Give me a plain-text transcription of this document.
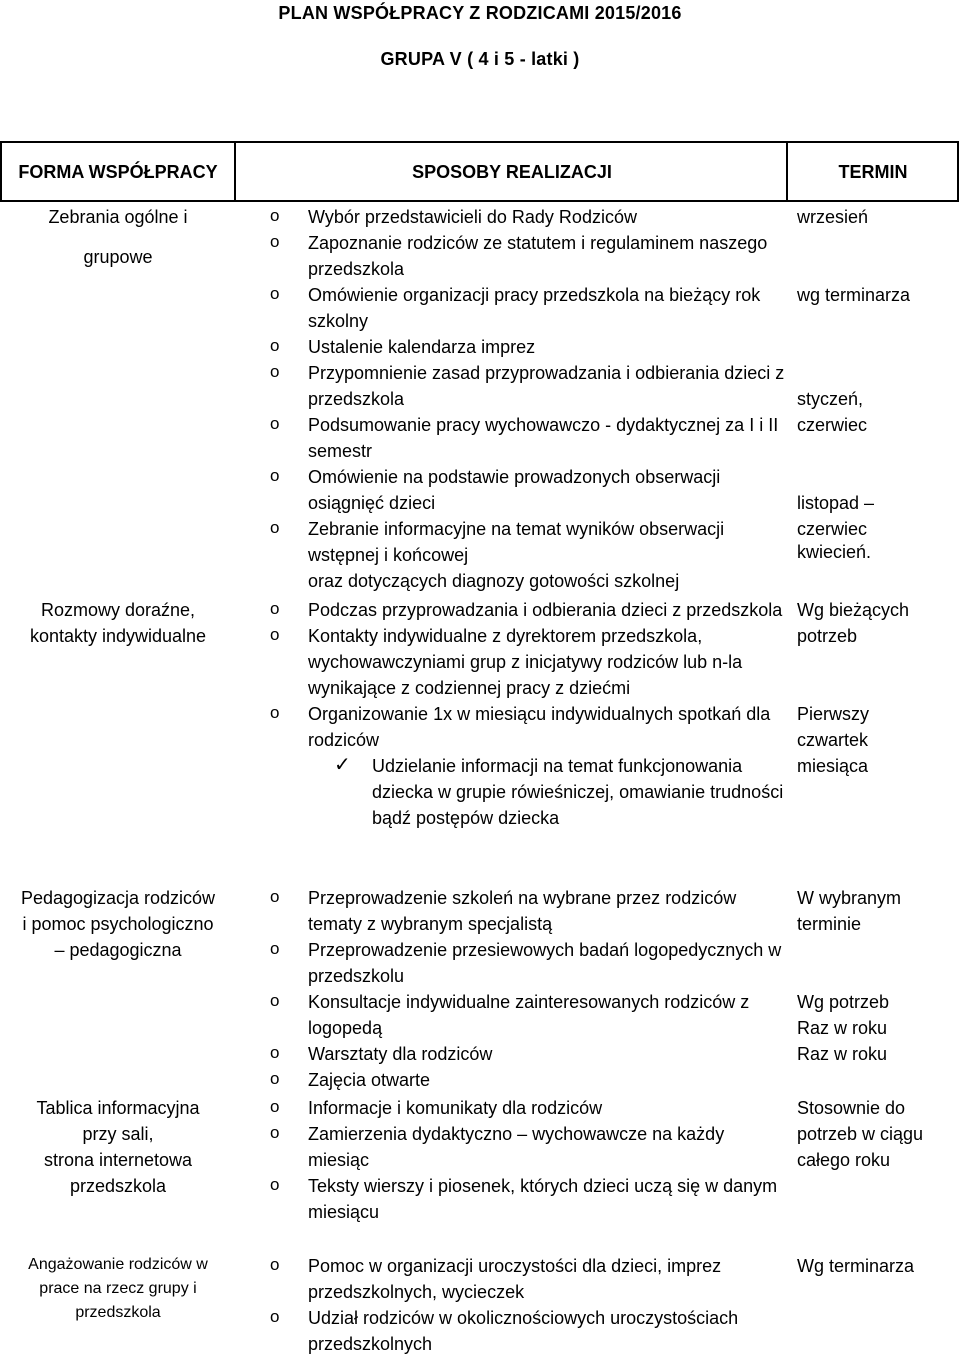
PLAN WSPÓŁPRACY Z RODZICAMI 2015/2016
GRUPA V ( 4 i 5 - latki )
FORMA WSPÓŁPRACY	SPOSOBY REALIZACJI	TERMIN
Zebrania ogólne i
grupowe
o Wybór przedstawicieli do Rady Rodziców
o Zapoznanie rodziców ze statutem i regulaminem naszego przedszkola
o Omówienie organizacji pracy przedszkola na bieżący rok szkolny
o Ustalenie kalendarza imprez
o Przypomnienie zasad przyprowadzania i odbierania dzieci z przedszkola
o Podsumowanie pracy wychowawczo - dydaktycznej za I i II semestr
o Omówienie na podstawie prowadzonych obserwacji osiągnięć dzieci
o Zebranie informacyjne na temat wyników obserwacji wstępnej i końcowej
oraz dotyczących diagnozy gotowości szkolnej
wrzesień
wg terminarza
styczeń,
czerwiec
listopad –
czerwiec
kwiecień.
Rozmowy doraźne,
kontakty indywidualne
o Podczas przyprowadzania i odbierania dzieci z przedszkola
o Kontakty indywidualne z dyrektorem przedszkola, wychowawczyniami grup z inicjatywy rodziców lub n-la wynikające z codziennej pracy z dziećmi
o Organizowanie 1x w miesiącu indywidualnych spotkań dla rodziców
✓ Udzielanie informacji na temat funkcjonowania dziecka w grupie rówieśniczej, omawianie trudności bądź postępów dziecka
Wg bieżących
potrzeb
Pierwszy
czwartek
miesiąca
Pedagogizacja rodziców
i pomoc psychologiczno
– pedagogiczna
o Przeprowadzenie szkoleń na wybrane przez rodziców tematy z wybranym specjalistą
o Przeprowadzenie przesiewowych badań logopedycznych w przedszkolu
o Konsultacje indywidualne zainteresowanych rodziców z logopedą
o Warsztaty dla rodziców
o Zajęcia otwarte
W wybranym
terminie
Wg potrzeb
Raz w roku
Raz w roku
Tablica informacyjna
przy sali,
strona internetowa
przedszkola
o Informacje i komunikaty dla rodziców
o Zamierzenia dydaktyczno – wychowawcze na każdy miesiąc
o Teksty wierszy i piosenek, których dzieci uczą się w danym miesiącu
Stosownie do
potrzeb w ciągu
całego roku
Angażowanie rodziców w
prace na rzecz grupy i
przedszkola
o Pomoc w organizacji uroczystości dla dzieci, imprez przedszkolnych, wycieczek
o Udział rodziców w okolicznościowych uroczystościach przedszkolnych
Wg terminarza
